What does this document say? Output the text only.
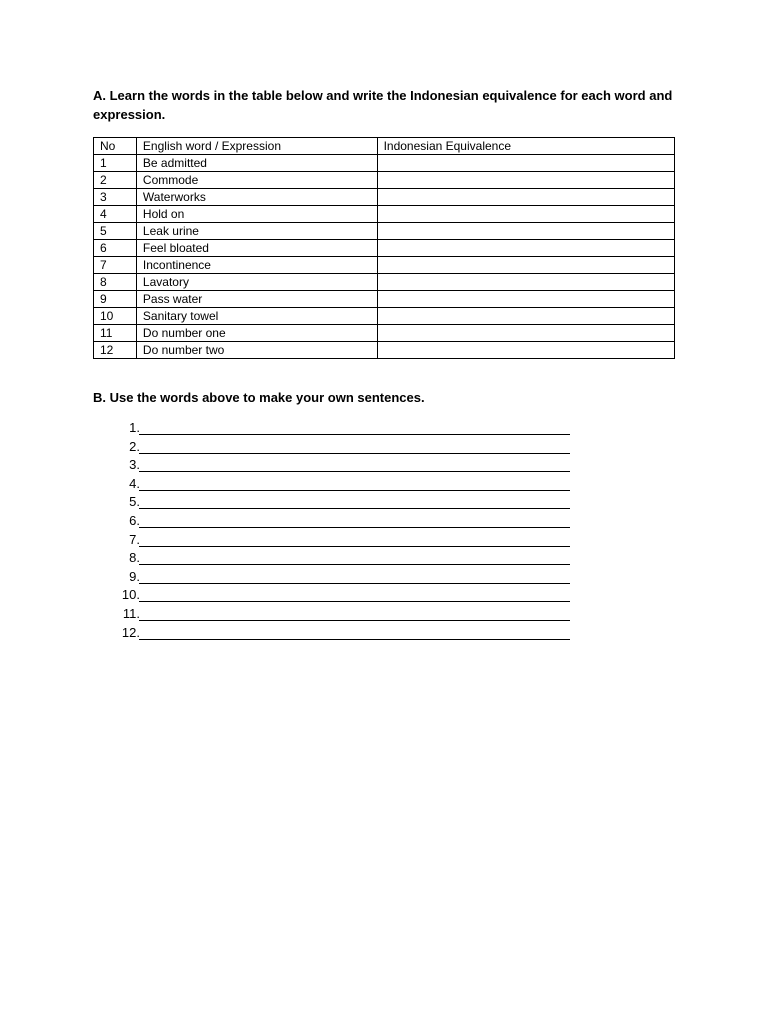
A. Learn the words in the table below and write the Indonesian equivalence for each word and expression.

No	English word / Expression	Indonesian Equivalence
1	Be admitted	
2	Commode	
3	Waterworks	
4	Hold on	
5	Leak urine	
6	Feel bloated	
7	Incontinence	
8	Lavatory	
9	Pass water	
10	Sanitary towel	
11	Do number one	
12	Do number two	

B. Use the words above to make your own sentences.

1.
2.
3.
4.
5.
6.
7.
8.
9.
10.
11.
12.
